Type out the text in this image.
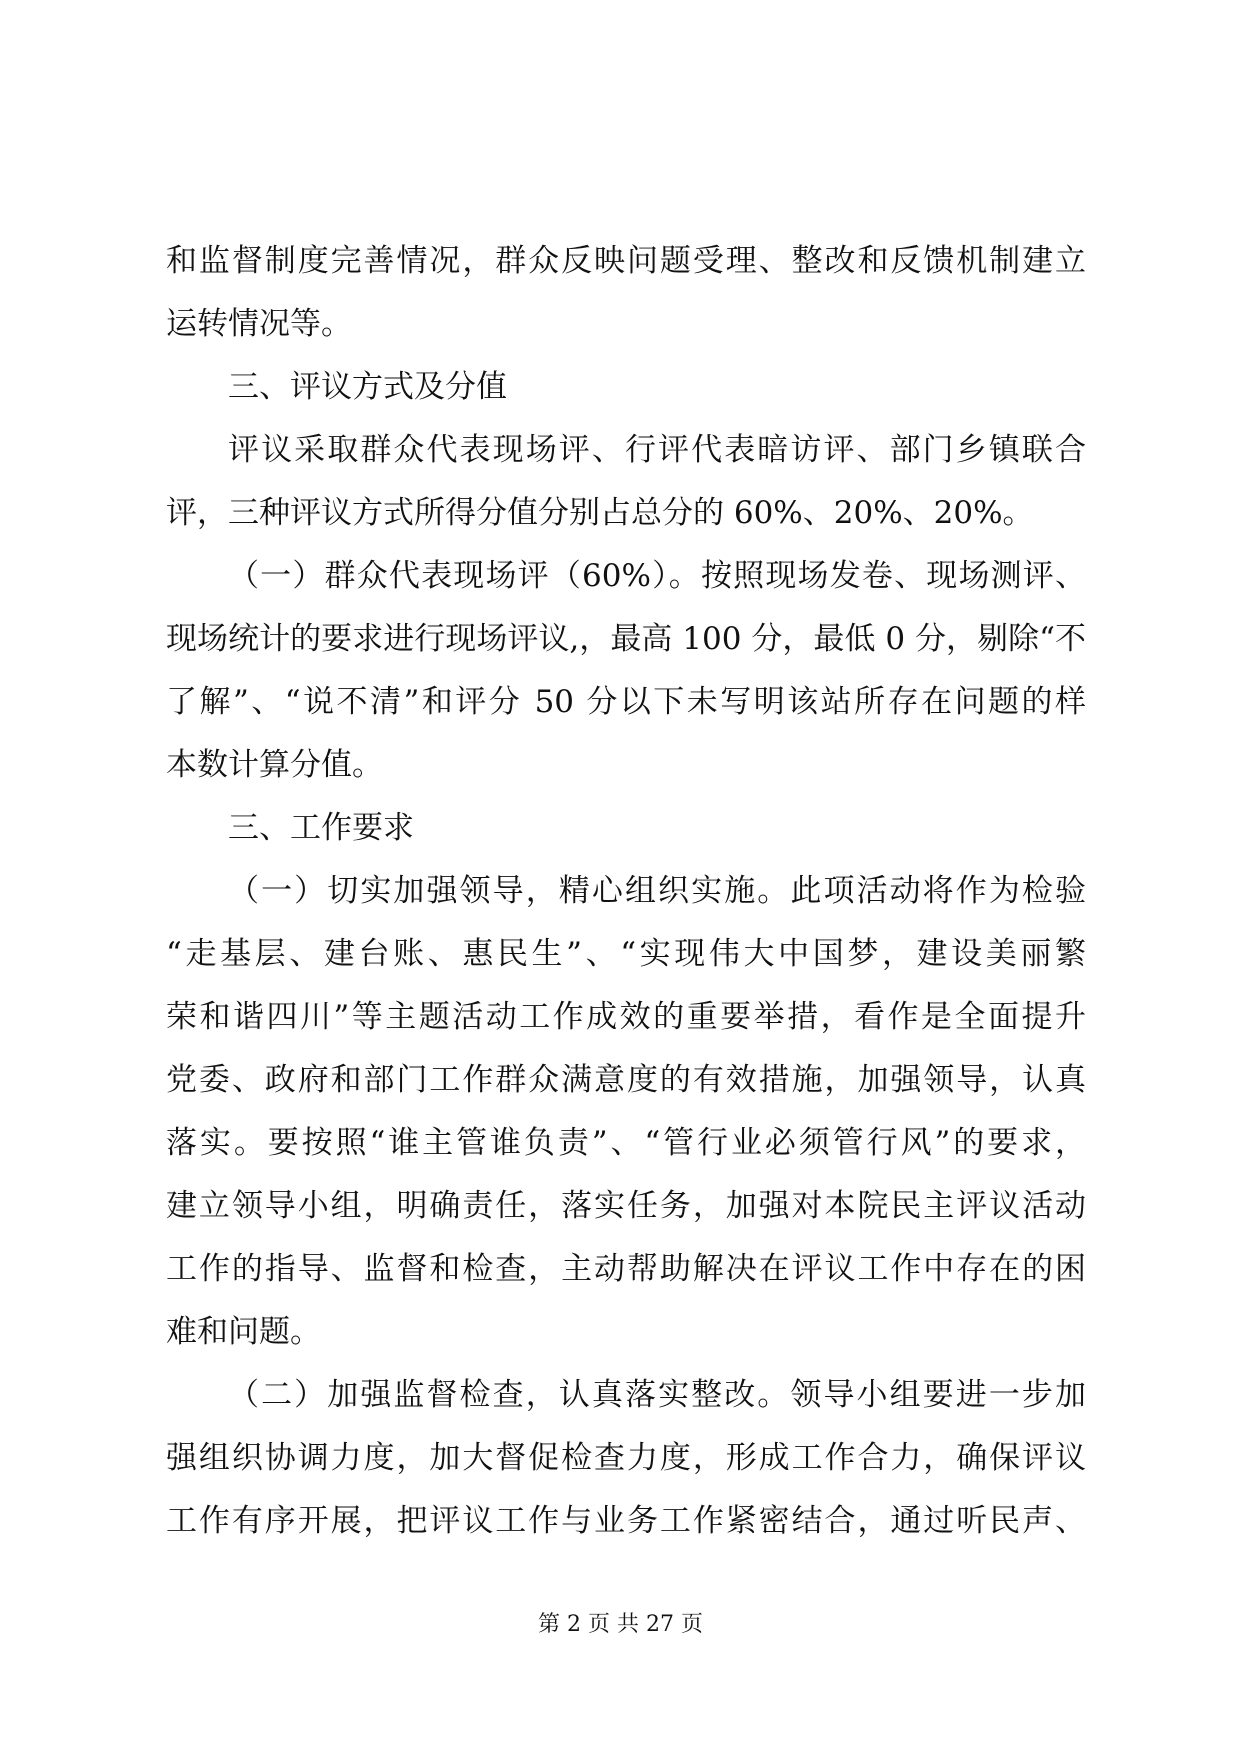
和监督制度完善情况，群众反映问题受理、整改和反馈机制建立
运转情况等。
三、评议方式及分值
评议采取群众代表现场评、行评代表暗访评、部门乡镇联合
评，三种评议方式所得分值分别占总分的 60%、20%、20%。
（一）群众代表现场评（60%）。按照现场发卷、现场测评、
现场统计的要求进行现场评议,，最高 100 分，最低 0 分，剔除“不
了解”、“说不清”和评分 50 分以下未写明该站所存在问题的样
本数计算分值。
三、工作要求
（一）切实加强领导，精心组织实施。此项活动将作为检验
“走基层、建台账、惠民生”、“实现伟大中国梦，建设美丽繁
荣和谐四川”等主题活动工作成效的重要举措，看作是全面提升
党委、政府和部门工作群众满意度的有效措施，加强领导，认真
落实。要按照“谁主管谁负责”、“管行业必须管行风”的要求，
建立领导小组，明确责任，落实任务，加强对本院民主评议活动
工作的指导、监督和检查，主动帮助解决在评议工作中存在的困
难和问题。
（二）加强监督检查，认真落实整改。领导小组要进一步加
强组织协调力度，加大督促检查力度，形成工作合力，确保评议
工作有序开展，把评议工作与业务工作紧密结合，通过听民声、
第 2 页 共 27 页
